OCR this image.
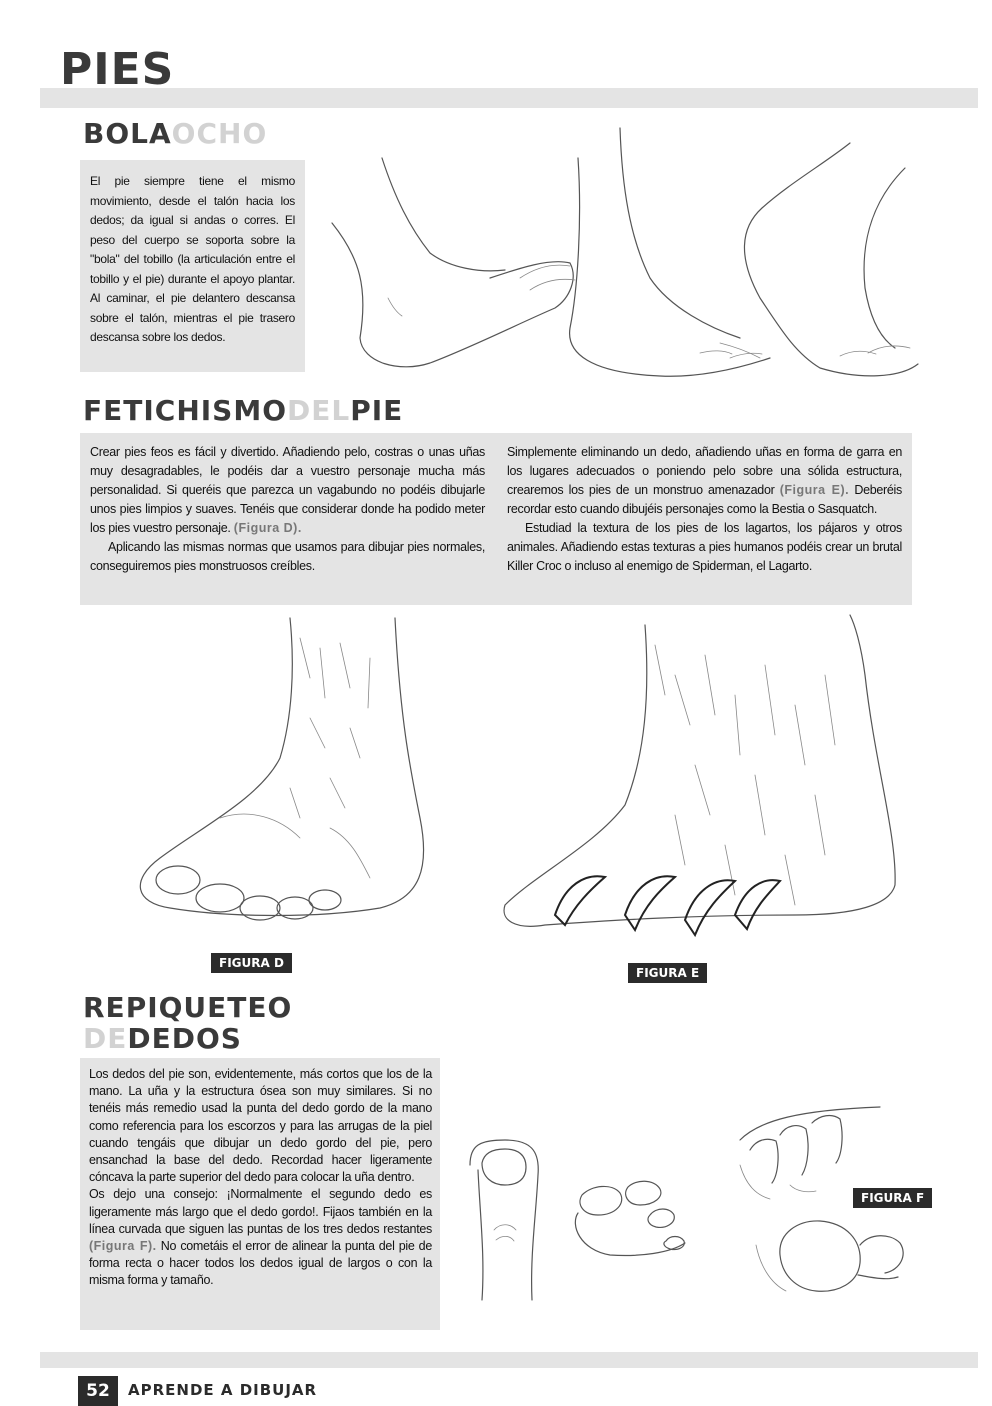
PIES
BOLAOCHO

El pie siempre tiene el mismo movimiento, desde el talón hacia los dedos; da igual si andas o corres. El peso del cuerpo se soporta sobre la "bola" del tobillo (la articulación entre el tobillo y el pie) durante el apoyo plantar. Al caminar, el pie delantero descansa sobre el talón, mientras el pie trasero descansa sobre los dedos.

FETICHISMODELPIE

Crear pies feos es fácil y divertido. Añadiendo pelo, costras o unas uñas muy desagradables, le podéis dar a vuestro personaje mucha más personalidad. Si queréis que parezca un vagabundo no podéis dibujarle unos pies limpios y suaves. Tenéis que considerar donde ha podido meter los pies vuestro personaje. (Figura D).

Aplicando las mismas normas que usamos para dibujar pies normales, conseguiremos pies monstruosos creíbles.

Simplemente eliminando un dedo, añadiendo uñas en forma de garra en los lugares adecuados o poniendo pelo sobre una sólida estructura, crearemos los pies de un monstruo amenazador (Figura E). Deberéis recordar esto cuando dibujéis personajes como la Bestia o Sasquatch.

Estudiad la textura de los pies de los lagartos, los pájaros y otros animales. Añadiendo estas texturas a pies humanos podéis crear un brutal Killer Croc o incluso al enemigo de Spiderman, el Lagarto.

FIGURA D
FIGURA E
REPIQUETEO
DEDEDOS

Los dedos del pie son, evidentemente, más cortos que los de la mano. La uña y la estructura ósea son muy similares. Si no tenéis más remedio usad la punta del dedo gordo de la mano como referencia para los escorzos y para las arrugas de la piel cuando tengáis que dibujar un dedo gordo del pie, pero ensanchad la base del dedo. Recordad hacer ligeramente cóncava la parte superior del dedo para colocar la uña dentro.

Os dejo una consejo: ¡Normalmente el segundo dedo es ligeramente más largo que el dedo gordo!. Fijaos también en la línea curvada que siguen las puntas de los tres dedos restantes (Figura F). No cometáis el error de alinear la punta del pie de forma recta o hacer todos los dedos igual de largos o con la misma forma y tamaño.

FIGURA F
52	APRENDE A DIBUJAR
